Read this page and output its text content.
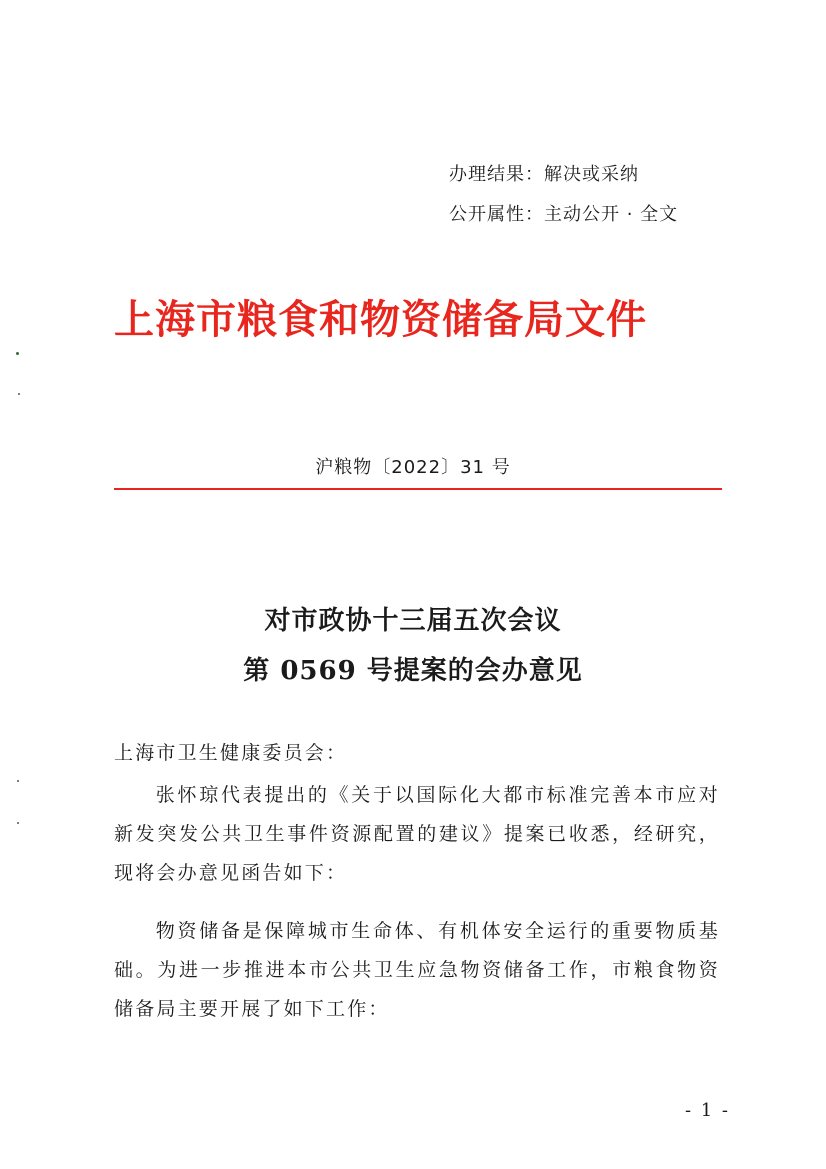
办理结果：解决或采纳
公开属性：主动公开 · 全文
上海市粮食和物资储备局文件
沪粮物〔2022〕31 号
对市政协十三届五次会议
第 0569 号提案的会办意见
上海市卫生健康委员会：
张怀琼代表提出的《关于以国际化大都市标准完善本市应对新发突发公共卫生事件资源配置的建议》提案已收悉，经研究，现将会办意见函告如下：
物资储备是保障城市生命体、有机体安全运行的重要物质基础。为进一步推进本市公共卫生应急物资储备工作，市粮食物资储备局主要开展了如下工作：
- 1 -
